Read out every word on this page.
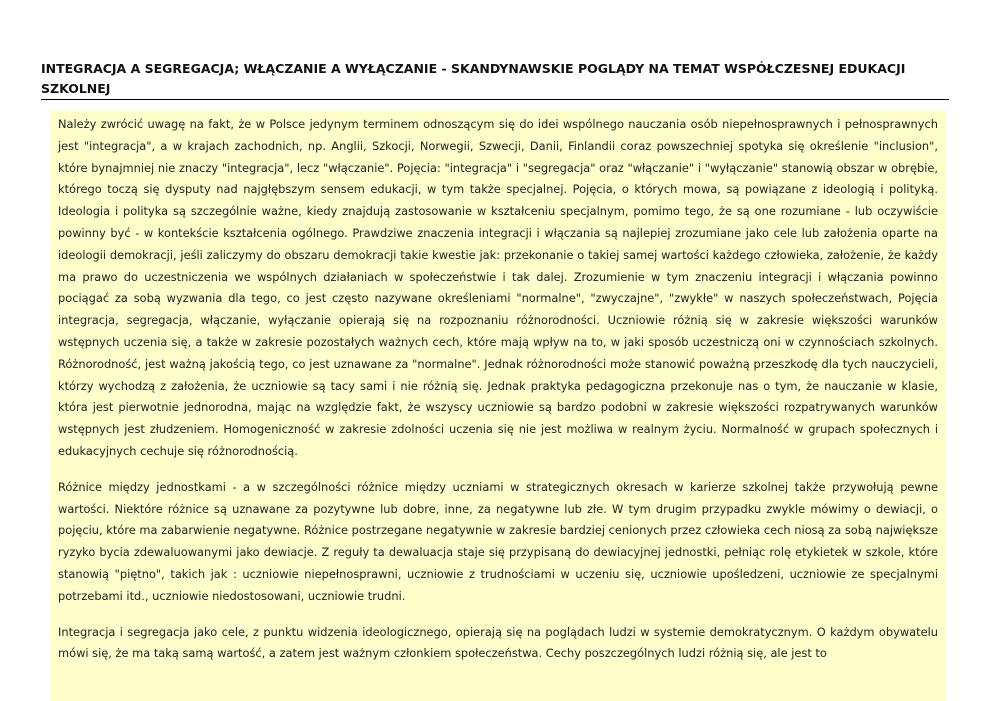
INTEGRACJA A SEGREGACJA; WŁĄCZANIE A WYŁĄCZANIE - SKANDYNAWSKIE POGLĄDY NA TEMAT WSPÓŁCZESNEJ EDUKACJI SZKOLNEJ

Należy zwrócić uwagę na fakt, że w Polsce jedynym terminem odnoszącym się do idei wspólnego nauczania osób niepełnosprawnych i pełnosprawnych jest "integracja", a w krajach zachodnich, np. Anglii, Szkocji, Norwegii, Szwecji, Danii, Finlandii coraz powszechniej spotyka się określenie "inclusion", które bynajmniej nie znaczy "integracja", lecz "włączanie". Pojęcia: "integracja" i "segregacja" oraz "włączanie" i "wyłączanie" stanowią obszar w obrębie, którego toczą się dysputy nad najgłębszym sensem edukacji, w tym także specjalnej. Pojęcia, o których mowa, są powiązane z ideologią i polityką. Ideologia i polityka są szczególnie ważne, kiedy znajdują zastosowanie w kształceniu specjalnym, pomimo tego, że są one rozumiane - lub oczywiście powinny być - w kontekście kształcenia ogólnego. Prawdziwe znaczenia integracji i włączania są najlepiej zrozumiane jako cele lub założenia oparte na ideologii demokracji, jeśli zaliczymy do obszaru demokracji takie kwestie jak: przekonanie o takiej samej wartości każdego człowieka, założenie, że każdy ma prawo do uczestniczenia we wspólnych działaniach w społeczeństwie i tak dalej. Zrozumienie w tym znaczeniu integracji i włączania powinno pociągać za sobą wyzwania dla tego, co jest często nazywane określeniami "normalne", "zwyczajne", "zwykłe" w naszych społeczeństwach, Pojęcia integracja, segregacja, włączanie, wyłączanie opierają się na rozpoznaniu różnorodności. Uczniowie różnią się w zakresie większości warunków wstępnych uczenia się, a także w zakresie pozostałych ważnych cech, które mają wpływ na to, w jaki sposób uczestniczą oni w czynnościach szkolnych. Różnorodność, jest ważną jakością tego, co jest uznawane za "normalne". Jednak różnorodności może stanowić poważną przeszkodę dla tych nauczycieli, którzy wychodzą z założenia, że uczniowie są tacy sami i nie różnią się. Jednak praktyka pedagogiczna przekonuje nas o tym, że nauczanie w klasie, która jest pierwotnie jednorodna, mając na względzie fakt, że wszyscy uczniowie są bardzo podobni w zakresie większości rozpatrywanych warunków wstępnych jest złudzeniem. Homogeniczność w zakresie zdolności uczenia się nie jest możliwa w realnym życiu. Normalność w grupach społecznych i edukacyjnych cechuje się różnorodnością.

Różnice między jednostkami - a w szczególności różnice między uczniami w strategicznych okresach w karierze szkolnej także przywołują pewne wartości. Niektóre różnice są uznawane za pozytywne lub dobre, inne, za negatywne lub złe. W tym drugim przypadku zwykle mówimy o dewiacji, o pojęciu, które ma zabarwienie negatywne. Różnice postrzegane negatywnie w zakresie bardziej cenionych przez człowieka cech niosą za sobą największe ryzyko bycia zdewaluowanymi jako dewiacje. Z reguły ta dewaluacja staje się przypisaną do dewiacyjnej jednostki, pełniąc rolę etykietek w szkole, które stanowią "piętno", takich jak : uczniowie niepełnosprawni, uczniowie z trudnościami w uczeniu się, uczniowie upośledzeni, uczniowie ze specjalnymi potrzebami itd., uczniowie niedostosowani, uczniowie trudni.

Integracja i segregacja jako cele, z punktu widzenia ideologicznego, opierają się na poglądach ludzi w systemie demokratycznym. O każdym obywatelu mówi się, że ma taką samą wartość, a zatem jest ważnym członkiem społeczeństwa. Cechy poszczególnych ludzi różnią się, ale jest to
